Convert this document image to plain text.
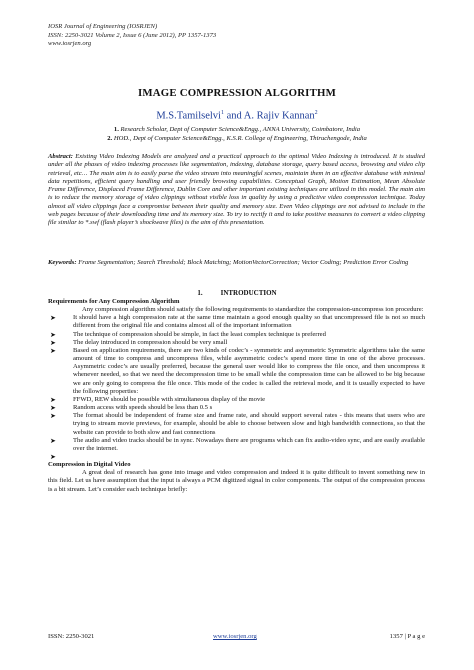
IOSR Journal of Engineering (IOSRJEN)
ISSN: 2250-3021 Volume 2, Issue 6 (June 2012), PP 1357-1373
www.iosrjen.org
IMAGE COMPRESSION ALGORITHM
M.S.Tamilselvi$^1$ and A. Rajiv Kannan$^2$
1. Research Scholar, Dept of Computer Science&Engg., ANNA University, Coimbatore, India
2. HOD., Dept of Computer Science&Engg., K.S.R. College of Engineering, Thiruchengode, India
Abstract: Existing Video Indexing Models are analyzed and a practical approach to the optimal Video Indexing is introduced. It is studied under all the phases of video indexing processes like segmentation, indexing, database storage, query based access, browsing and video clip retrieval, etc… The main aim is to easily parse the video stream into meaningful scenes, maintain them in an effective database with minimal data repetitions, efficient query handling and user friendly browsing capabilities. Conceptual Graph, Motion Estimation, Mean Absolute Frame Difference, Displaced Frame Difference, Dublin Core and other important existing techniques are utilized in this model. The main aim is to reduce the memory storage of video clippings without visible loss in quality by using a predictive video compression technique. Today almost all video clippings face a compromise between their quality and memory size. Even Video clippings are not advised to include in the web pages because of their downloading time and its memory size. To try to rectify it and to take positive measures to convert a video clipping file similar to *.swf (flash player’s shockwave files) is the aim of this presentation.
Keywords: Frame Segmentation; Search Threshold; Block Matching; MotionVectorCorrection; Vector Coding; Prediction Error Coding
1.	INTRODUCTION

Requirements for Any Compression Algorithm

Any compression algorithm should satisfy the following requirements to standardize the compression-uncompress ion procedure:

➤	It should have a high compression rate at the same time maintain a good enough quality so that uncompressed file is not so much different from the original file and contains almost all of the important information
➤	The technique of compression should be simple, in fact the least complex technique is preferred
➤	The delay introduced in compression should be very small
➤	Based on application requirements, there are two kinds of codec’s - symmetric and asymmetric Symmetric algorithms take the same amount of time to compress and uncompress files, while asymmetric codec’s spend more time in one of the above processes. Asymmetric codec’s are usually preferred, because the general user would like to compress the file once, and then uncompress it whenever needed, so that we need the decompression time to be small while the compression time can be allowed to be big because we are only going to compress the file once. This mode of the codec is called the retrieval mode, and it is usually expected to have the following properties:
➤	FFWD, REW should be possible with simultaneous display of the movie
➤	Random access with speeds should be less than 0.5 s
➤	The format should be independent of frame size and frame rate, and should support several rates - this means that users who are trying to stream movie previews, for example, should be able to choose between slow and high bandwidth connections, so that the website can provide to both slow and fast connections
➤	The audio and video tracks should be in sync. Nowadays there are programs which can fix audio-video sync, and are easily available over the internet.
➤

Compression in Digital Video

A great deal of research has gone into image and video compression and indeed it is quite difficult to invent something new in this field. Let us have assumption that the input is always a PCM digitized signal in color components. The output of the compression process is a bit stream. Let’s consider each technique briefly:

ISSN: 2250-3021	www.iosrjen.org	1357 | P a g e
